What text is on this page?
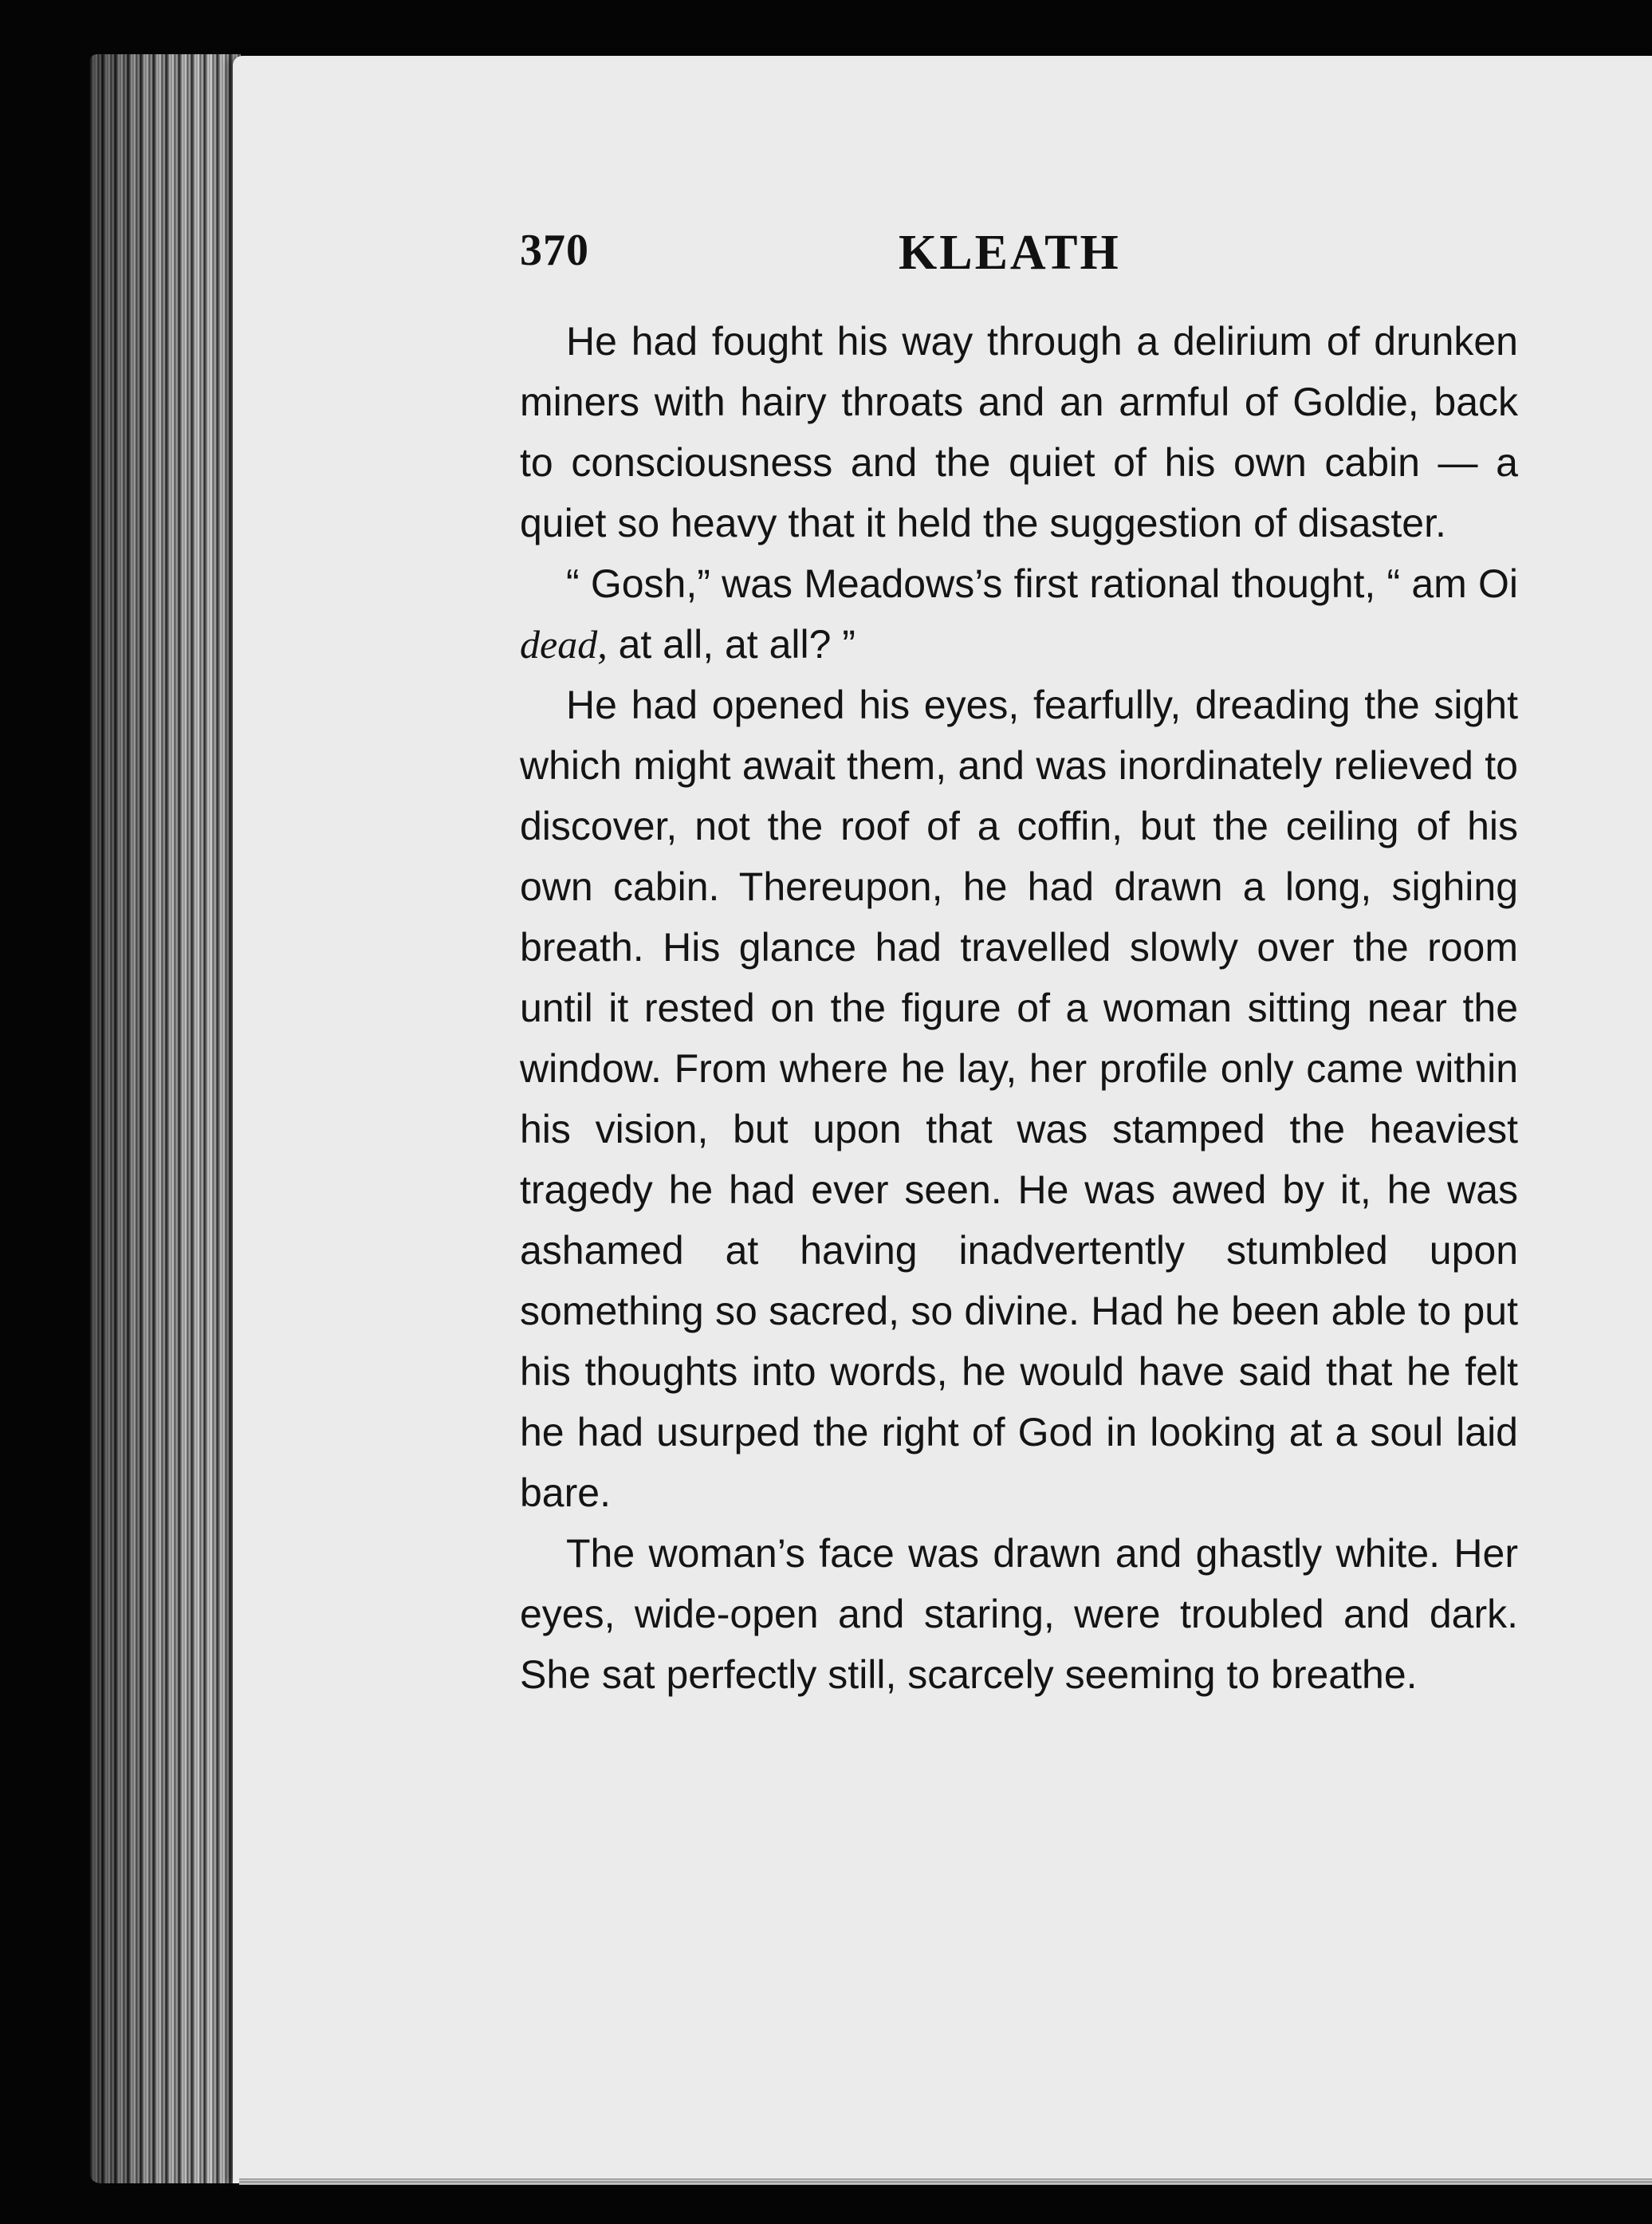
370	KLEATH

He had fought his way through a delirium of drunken miners with hairy throats and an armful of Goldie, back to consciousness and the quiet of his own cabin — a quiet so heavy that it held the suggestion of disaster.

“ Gosh,” was Meadows’s first rational thought, “ am Oi dead, at all, at all? ”

He had opened his eyes, fearfully, dreading the sight which might await them, and was inordinately relieved to discover, not the roof of a coffin, but the ceiling of his own cabin. Thereupon, he had drawn a long, sighing breath. His glance had travelled slowly over the room until it rested on the figure of a woman sitting near the window. From where he lay, her profile only came within his vision, but upon that was stamped the heaviest tragedy he had ever seen. He was awed by it, he was ashamed at having inadvertently stumbled upon something so sacred, so divine. Had he been able to put his thoughts into words, he would have said that he felt he had usurped the right of God in looking at a soul laid bare.

The woman’s face was drawn and ghastly white. Her eyes, wide-open and staring, were troubled and dark. She sat perfectly still, scarcely seeming to breathe.
